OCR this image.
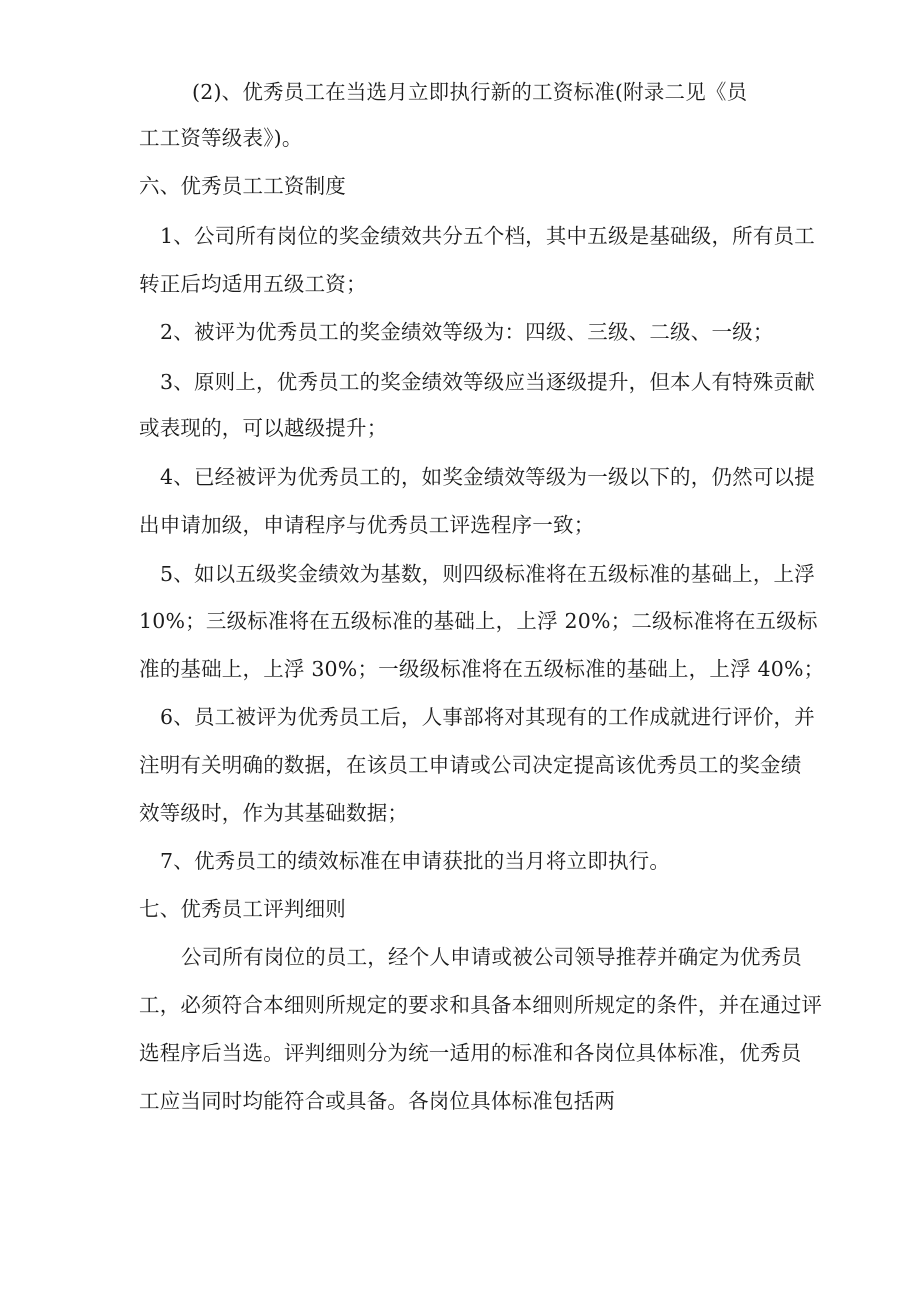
(2)、优秀员工在当选月立即执行新的工资标准(附录二见《员
工工资等级表》)。
六、优秀员工工资制度
1、公司所有岗位的奖金绩效共分五个档，其中五级是基础级，所有员工
转正后均适用五级工资；
2、被评为优秀员工的奖金绩效等级为：四级、三级、二级、一级；
3、原则上，优秀员工的奖金绩效等级应当逐级提升，但本人有特殊贡献
或表现的，可以越级提升；
4、已经被评为优秀员工的，如奖金绩效等级为一级以下的，仍然可以提
出申请加级，申请程序与优秀员工评选程序一致；
5、如以五级奖金绩效为基数，则四级标准将在五级标准的基础上，上浮
10%；三级标准将在五级标准的基础上，上浮 20%；二级标准将在五级标
准的基础上，上浮 30%；一级级标准将在五级标准的基础上，上浮 40%；
6、员工被评为优秀员工后，人事部将对其现有的工作成就进行评价，并
注明有关明确的数据，在该员工申请或公司决定提高该优秀员工的奖金绩
效等级时，作为其基础数据；
7、优秀员工的绩效标准在申请获批的当月将立即执行。
七、优秀员工评判细则
公司所有岗位的员工，经个人申请或被公司领导推荐并确定为优秀员
工，必须符合本细则所规定的要求和具备本细则所规定的条件，并在通过评
选程序后当选。评判细则分为统一适用的标准和各岗位具体标准，优秀员
工应当同时均能符合或具备。各岗位具体标准包括两
